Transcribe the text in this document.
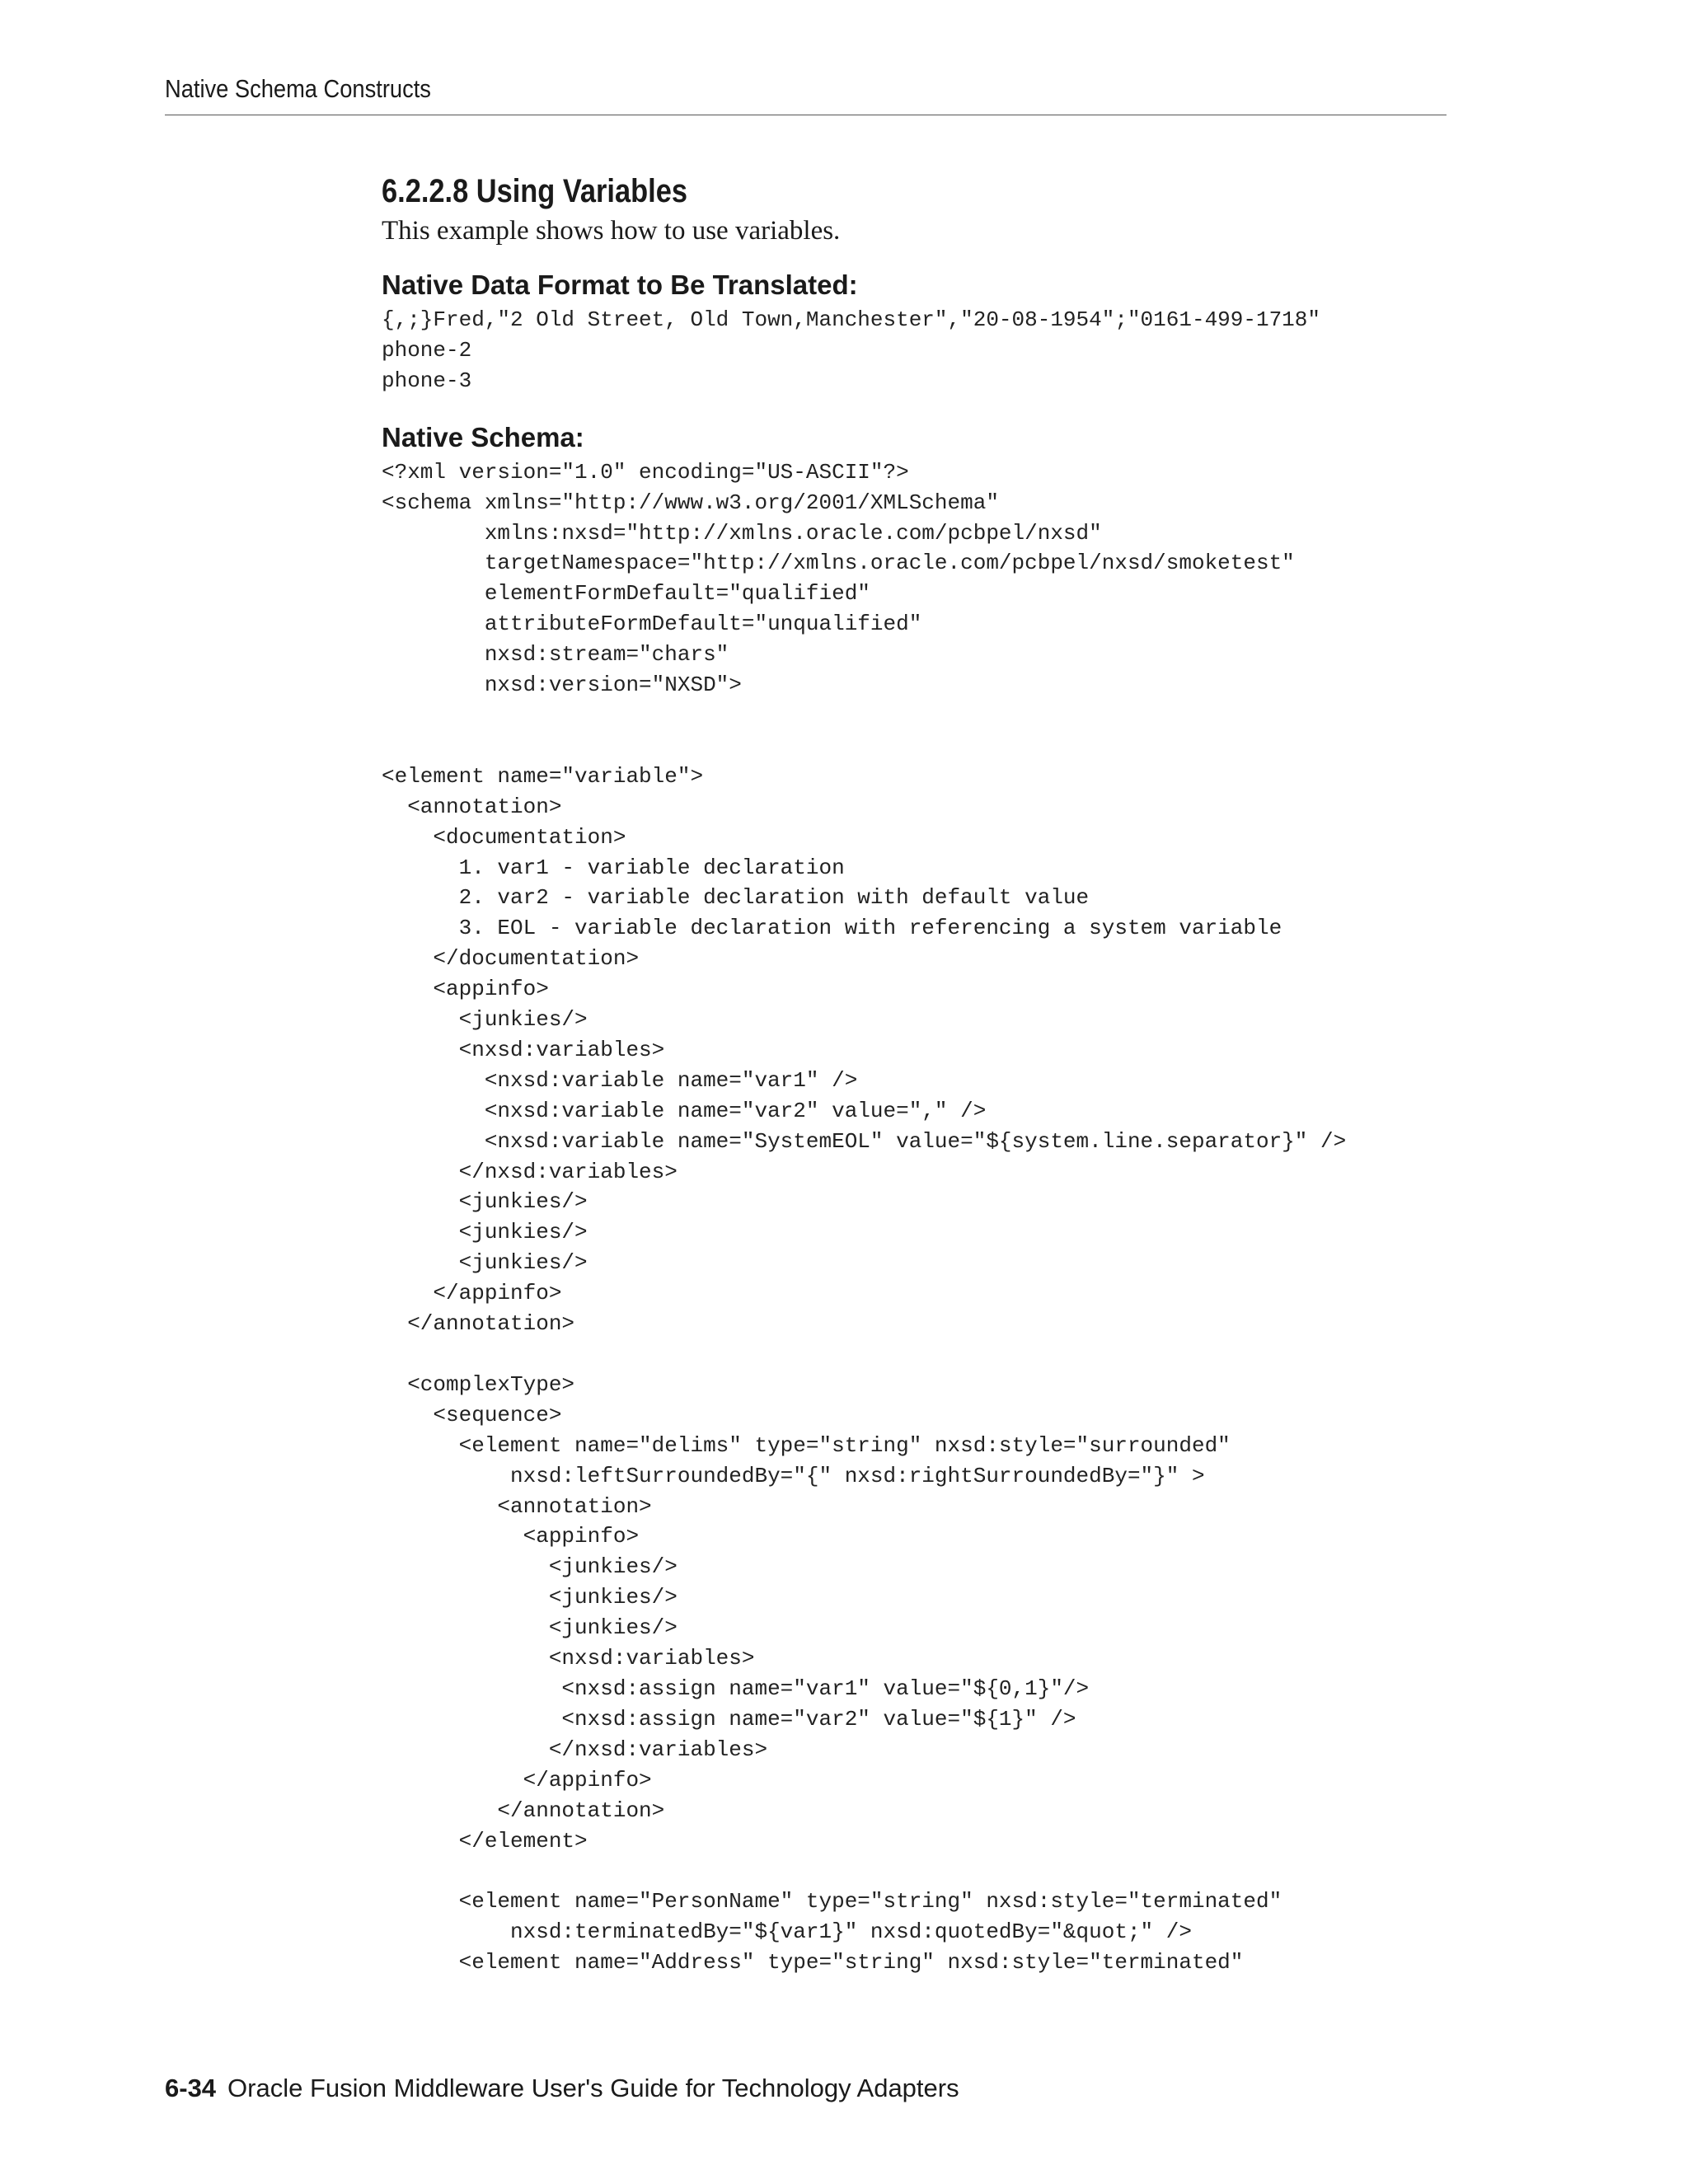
Native Schema Constructs
6.2.2.8 Using Variables

This example shows how to use variables.

Native Data Format to Be Translated:
{,;}Fred,"2 Old Street, Old Town,Manchester","20-08-1954";"0161-499-1718"
phone-2
phone-3
Native Schema:
<?xml version="1.0" encoding="US-ASCII"?>
<schema xmlns="http://www.w3.org/2001/XMLSchema"
xmlns:nxsd="http://xmlns.oracle.com/pcbpel/nxsd"
targetNamespace="http://xmlns.oracle.com/pcbpel/nxsd/smoketest"
elementFormDefault="qualified"
attributeFormDefault="unqualified"
nxsd:stream="chars"
nxsd:version="NXSD">

<element name="variable">
<annotation>
<documentation>
1. var1 - variable declaration
2. var2 - variable declaration with default value
3. EOL - variable declaration with referencing a system variable
</documentation>
<appinfo>
<junkies/>
<nxsd:variables>
<nxsd:variable name="var1" />
<nxsd:variable name="var2" value="," />
<nxsd:variable name="SystemEOL" value="${system.line.separator}" />
</nxsd:variables>
<junkies/>
<junkies/>
<junkies/>
</appinfo>
</annotation>

<complexType>
<sequence>
<element name="delims" type="string" nxsd:style="surrounded"
nxsd:leftSurroundedBy="{" nxsd:rightSurroundedBy="}" >
<annotation>
<appinfo>
<junkies/>
<junkies/>
<junkies/>
<nxsd:variables>
<nxsd:assign name="var1" value="${0,1}"/>
<nxsd:assign name="var2" value="${1}" />
</nxsd:variables>
</appinfo>
</annotation>
</element>

<element name="PersonName" type="string" nxsd:style="terminated"
nxsd:terminatedBy="${var1}" nxsd:quotedBy="&quot;" />
<element name="Address" type="string" nxsd:style="terminated"
6-34 Oracle Fusion Middleware User's Guide for Technology Adapters
